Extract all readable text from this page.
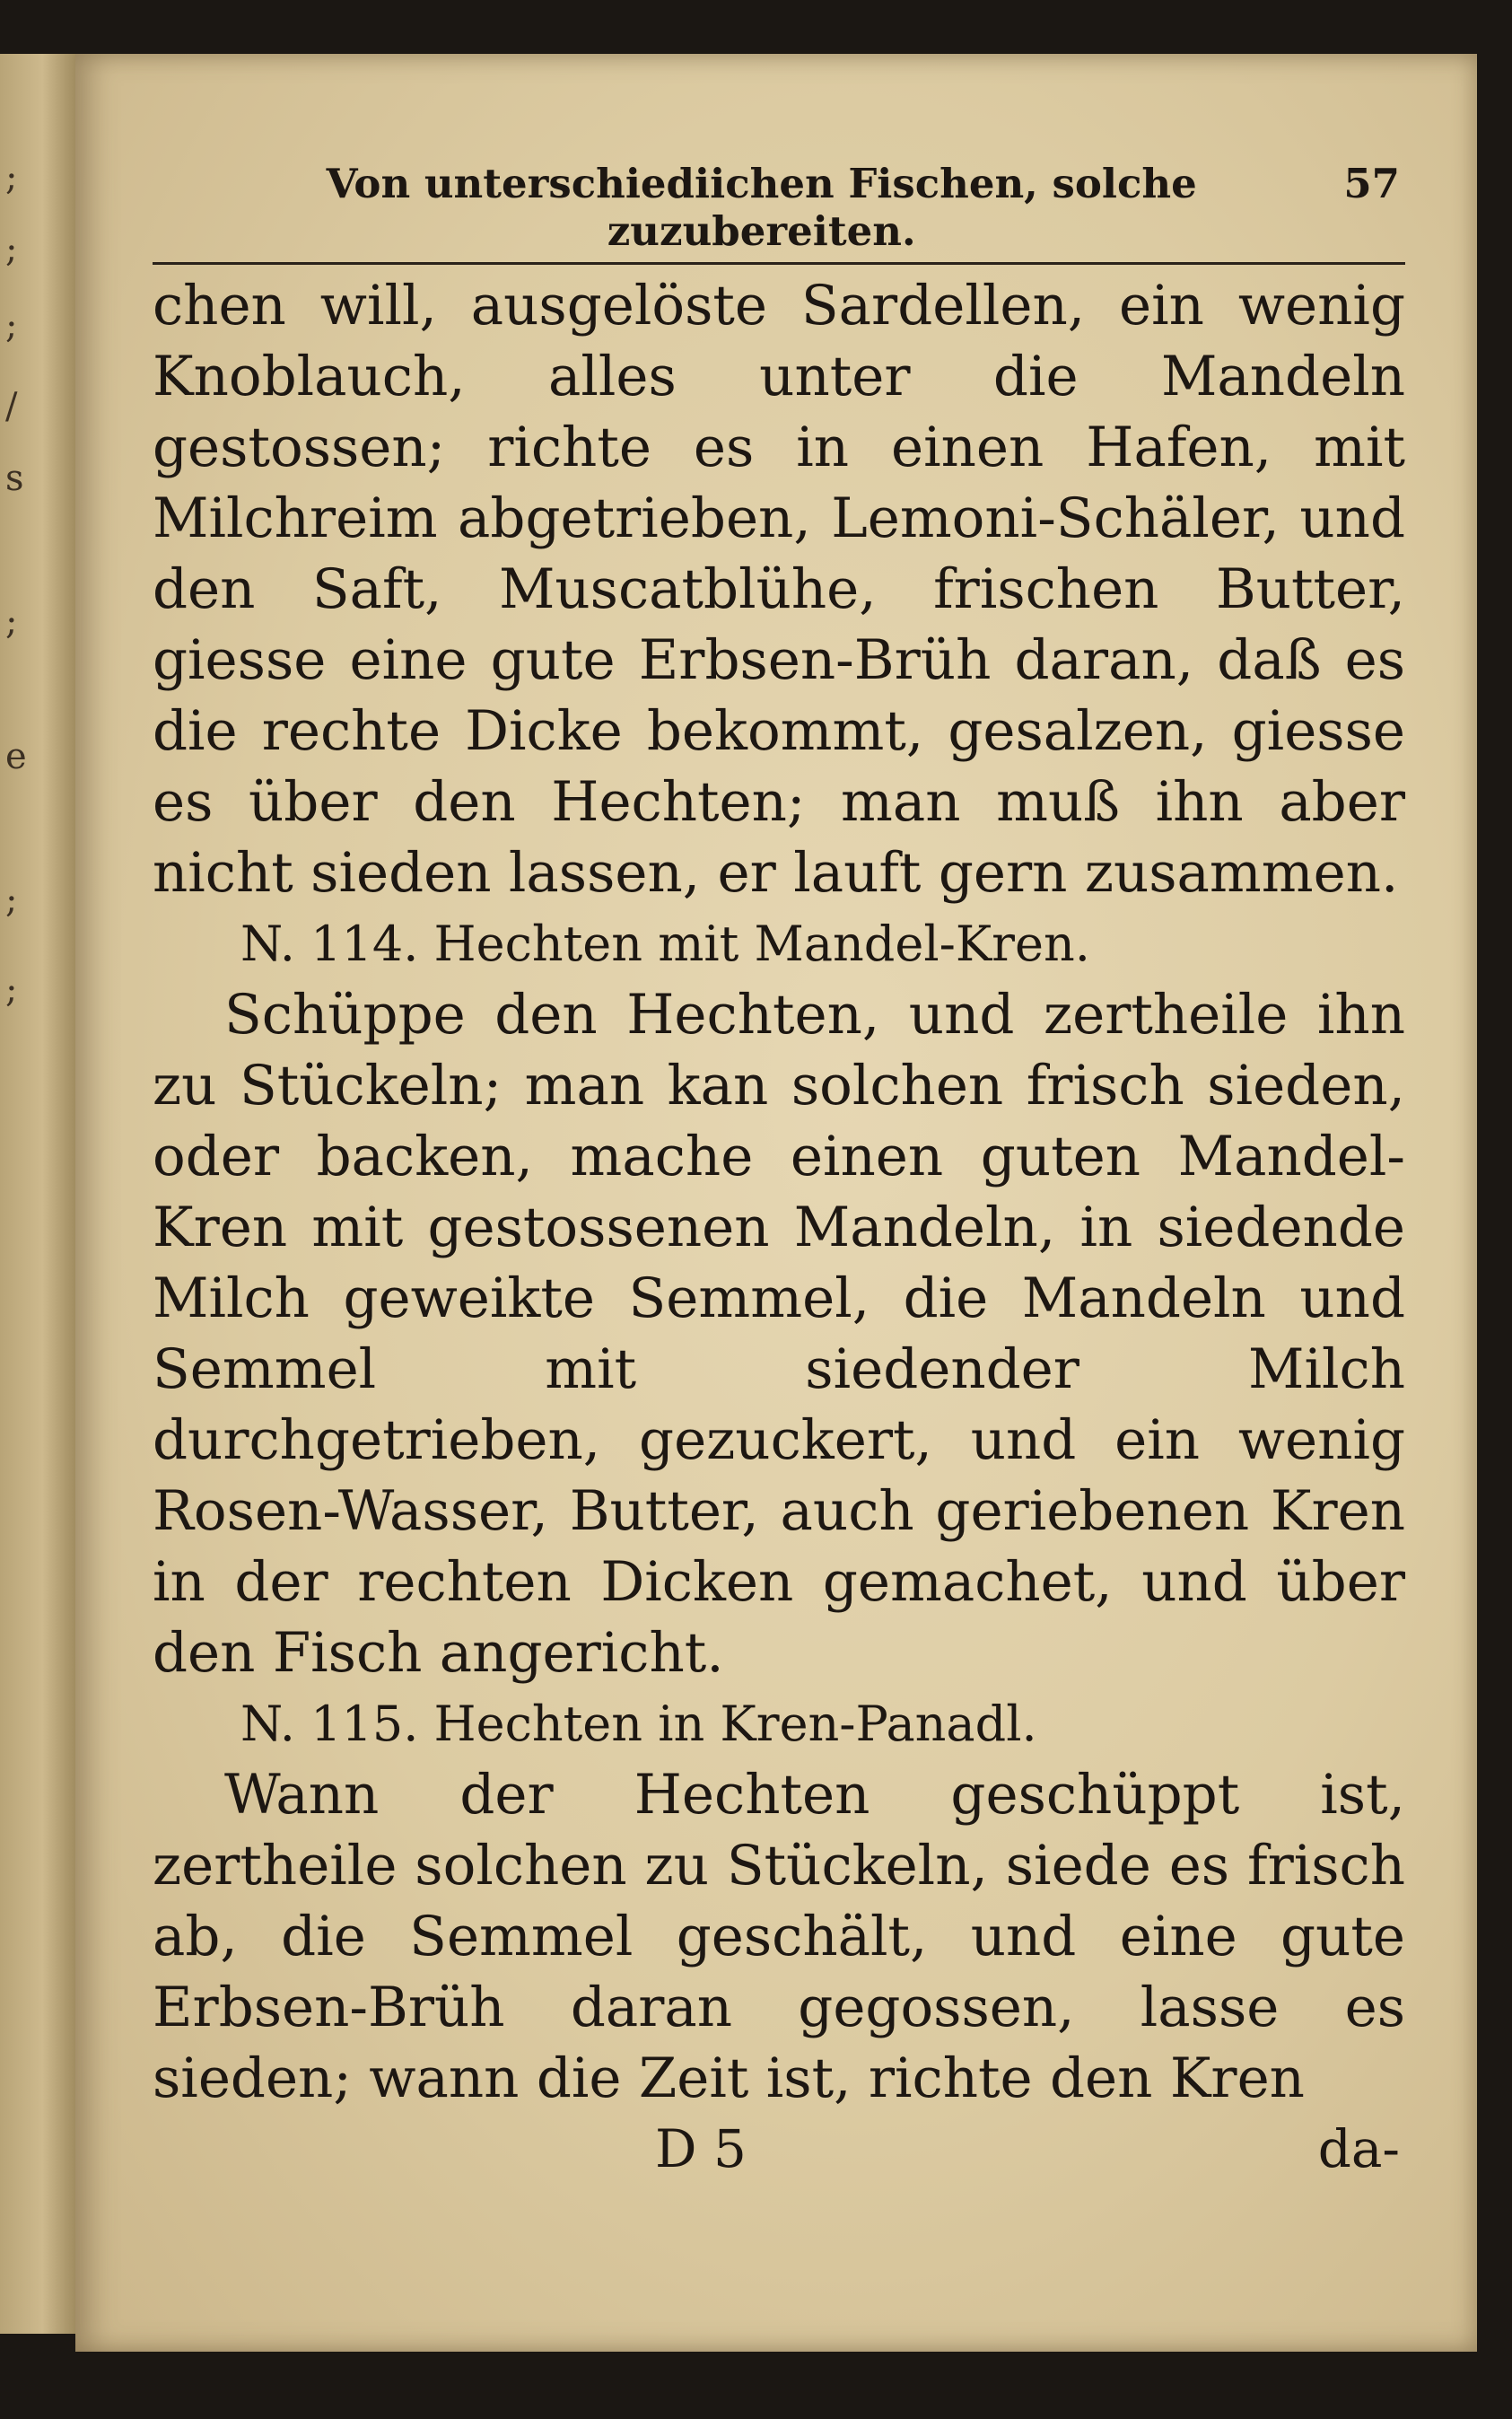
;
;
;
/
s
;
e
;
;
Von unterschiediichen Fischen, solche zuzubereiten.
57

chen will, ausgelöste Sardellen, ein wenig Knoblauch, alles unter die Mandeln gestossen; richte es in einen Hafen, mit Milchreim abgetrieben, Lemoni-Schäler, und den Saft, Muscatblühe, frischen Butter, giesse eine gute Erbsen-Brüh daran, daß es die rechte Dicke bekommt, gesalzen, giesse es über den Hechten; man muß ihn aber nicht sieden lassen, er lauft gern zusammen.

N. 114. Hechten mit Mandel-Kren.

Schüppe den Hechten, und zertheile ihn zu Stückeln; man kan solchen frisch sieden, oder backen, mache einen guten Mandel-Kren mit gestossenen Mandeln, in siedende Milch geweikte Semmel, die Mandeln und Semmel mit siedender Milch durchgetrieben, gezuckert, und ein wenig Rosen-Wasser, Butter, auch geriebenen Kren in der rechten Dicken gemachet, und über den Fisch angericht.

N. 115. Hechten in Kren-Panadl.

Wann der Hechten geschüppt ist, zertheile solchen zu Stückeln, siede es frisch ab, die Semmel geschält, und eine gute Erbsen-Brüh daran gegossen, lasse es sieden; wann die Zeit ist, richte den Kren

D 5	da-
